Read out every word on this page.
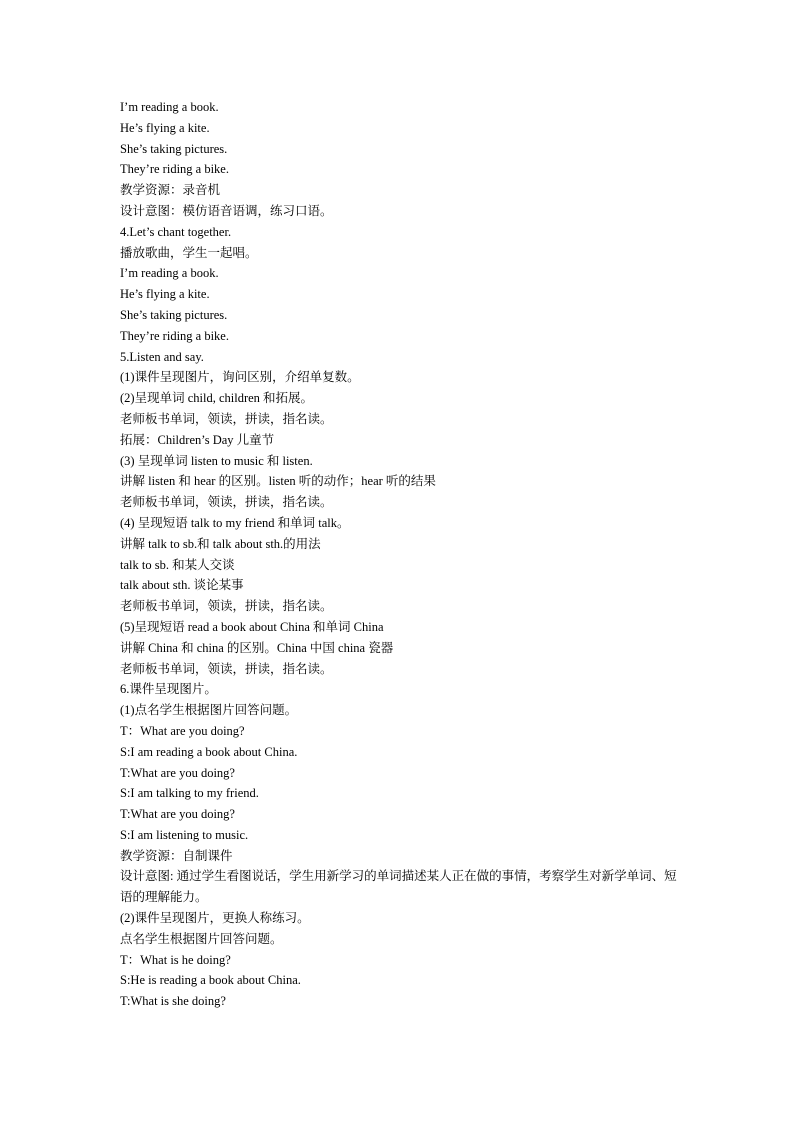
I’m reading a book.
He’s flying a kite.
She’s taking pictures.
They’re riding a bike.
教学资源：录音机
设计意图：模仿语音语调，练习口语。
4.Let’s chant together.
播放歌曲，学生一起唱。
I’m reading a book.
He’s flying a kite.
She’s taking pictures.
They’re riding a bike.
5.Listen and say.
(1)课件呈现图片，询问区别，介绍单复数。
(2)呈现单词 child, children 和拓展。
老师板书单词，领读，拼读，指名读。
拓展：Children’s Day 儿童节
(3) 呈现单词 listen to music 和 listen.
讲解 listen 和 hear 的区别。listen 听的动作；hear 听的结果
老师板书单词，领读，拼读，指名读。
(4) 呈现短语 talk to my friend 和单词 talk。
讲解 talk to sb.和 talk about sth.的用法
talk to sb. 和某人交谈
talk about sth. 谈论某事
老师板书单词，领读，拼读，指名读。
(5)呈现短语 read a book about China 和单词 China
讲解 China 和 china 的区别。China 中国 china 瓷器
老师板书单词，领读，拼读，指名读。
6.课件呈现图片。
(1)点名学生根据图片回答问题。
T：What are you doing?
S:I am reading a book about China.
T:What are you doing?
S:I am talking to my friend.
T:What are you doing?
S:I am listening to music.
教学资源：自制课件
设计意图: 通过学生看图说话，学生用新学习的单词描述某人正在做的事情，考察学生对新学单词、短语的理解能力。
(2)课件呈现图片，更换人称练习。
点名学生根据图片回答问题。
T：What is he doing?
S:He is reading a book about China.
T:What is she doing?
